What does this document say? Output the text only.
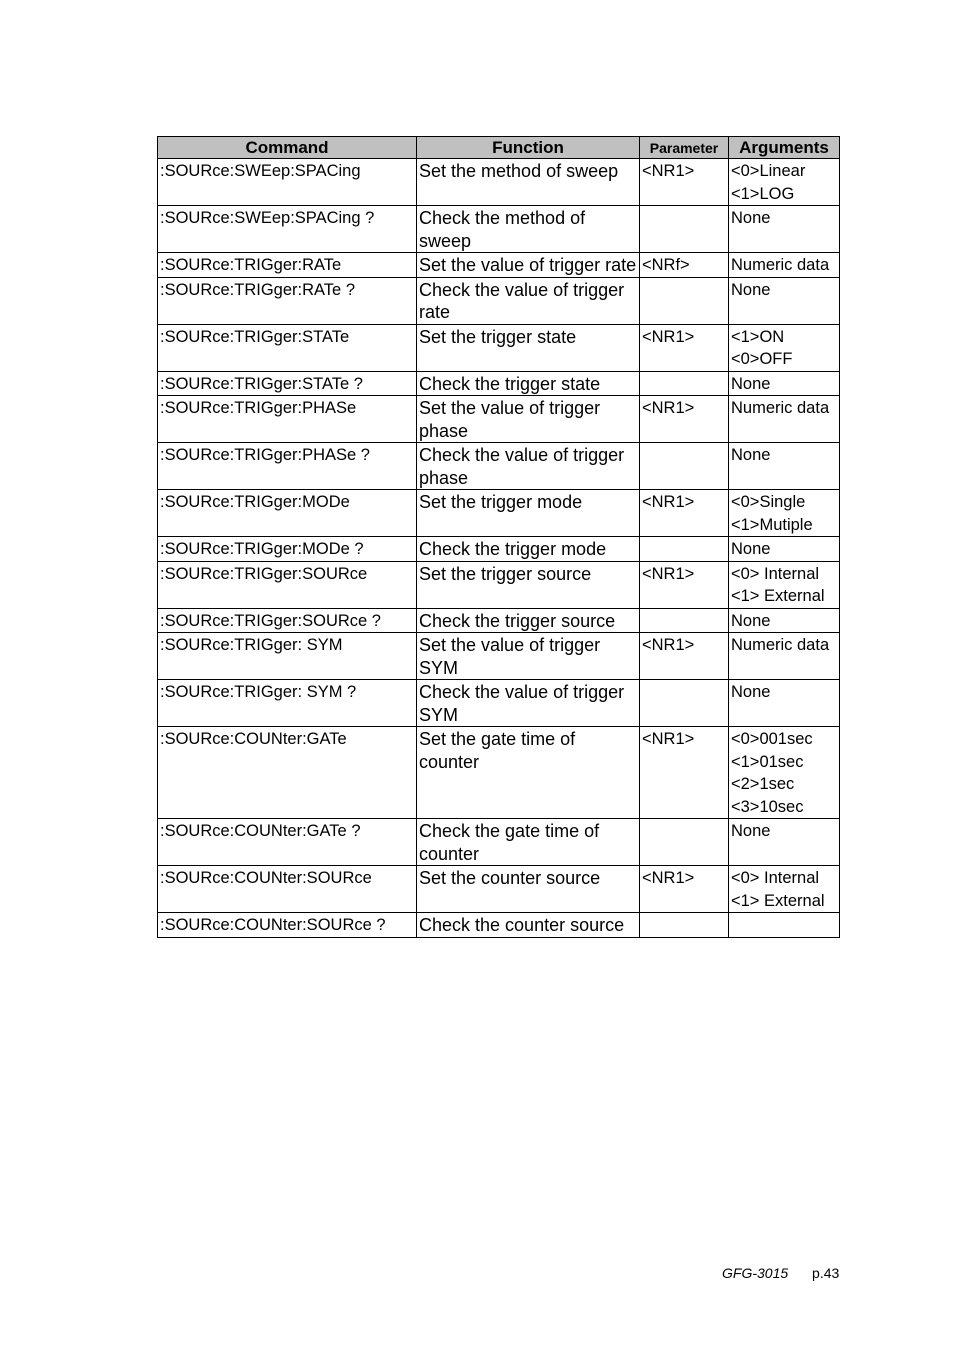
Command	Function	Parameter	Arguments
:SOURce:SWEep:SPACing	Set the method of sweep	<NR1>	<0>Linear
<1>LOG

:SOURce:SWEep:SPACing ?	Check the method of sweep		None

:SOURce:TRIGger:RATe	Set the value of trigger rate	<NRf>	Numeric data

:SOURce:TRIGger:RATe ?	Check the value of trigger rate		None

:SOURce:TRIGger:STATe	Set the trigger state	<NR1>	<1>ON
<0>OFF

:SOURce:TRIGger:STATe ?	Check the trigger state		None

:SOURce:TRIGger:PHASe	Set the value of trigger phase	<NR1>	Numeric data

:SOURce:TRIGger:PHASe ?	Check the value of trigger phase		None

:SOURce:TRIGger:MODe	Set the trigger mode	<NR1>	<0>Single
<1>Mutiple

:SOURce:TRIGger:MODe ?	Check the trigger mode		None

:SOURce:TRIGger:SOURce	Set the trigger source	<NR1>	<0> Internal
<1> External

:SOURce:TRIGger:SOURce ?	Check the trigger source		None

:SOURce:TRIGger: SYM	Set the value of trigger SYM	<NR1>	Numeric data

:SOURce:TRIGger: SYM ?	Check the value of trigger SYM		None

:SOURce:COUNter:GATe	Set the gate time of counter	<NR1>	<0>001sec
<1>01sec
<2>1sec
<3>10sec

:SOURce:COUNter:GATe ?	Check the gate time of counter		None

:SOURce:COUNter:SOURce	Set the counter source	<NR1>	<0> Internal
<1> External

:SOURce:COUNter:SOURce ?	Check the counter source		
GFG-3015 p.43
